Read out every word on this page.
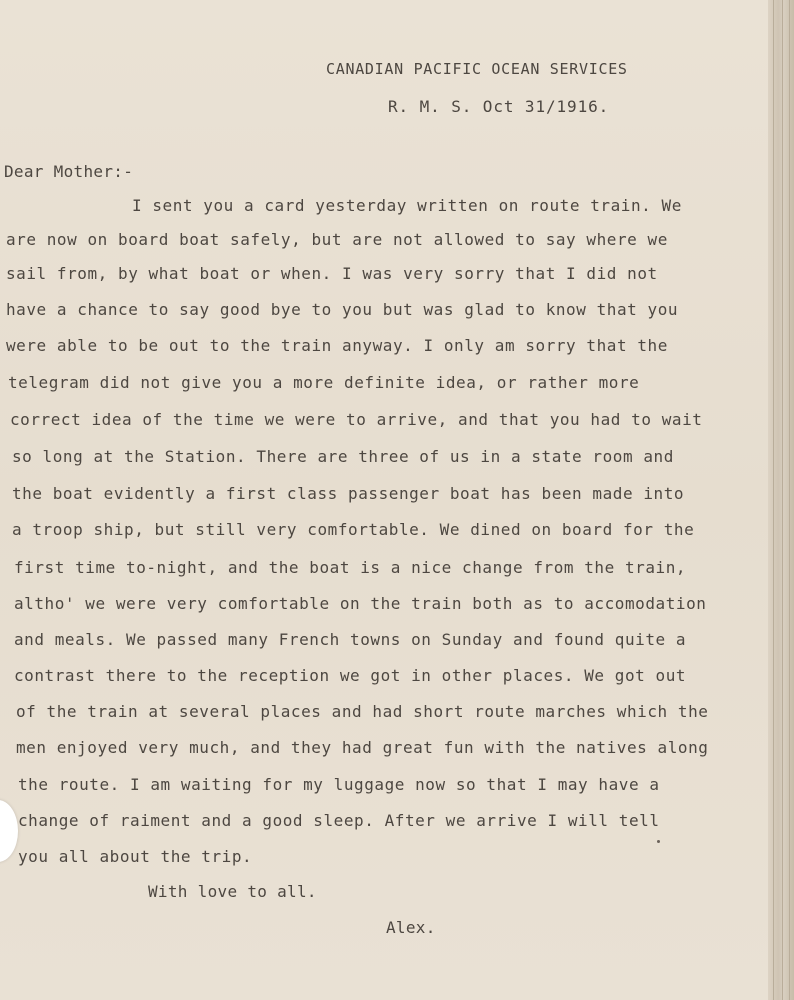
CANADIAN PACIFIC OCEAN SERVICES
R. M. S. Oct 31/1916.
Dear Mother:-
I sent you a card yesterday written on route train. We
are now on board boat safely, but are not allowed to say where we
sail from, by what boat or when. I was very sorry that I did not
have a chance to say good bye to you but was glad to know that you
were able to be out to the train anyway. I only am sorry that the
telegram did not give you a more definite idea, or rather more
correct idea of the time we were to arrive, and that you had to wait
so long at the Station. There are three of us in a state room and
the boat evidently a first class passenger boat has been made into
a troop ship, but still very comfortable. We dined on board for the
first time to-night, and the boat is a nice change from the train,
altho' we were very comfortable on the train both as to accomodation
and meals. We passed many French towns on Sunday and found quite a
contrast there to the reception we got in other places. We got out
of the train at several places and had short route marches which the
men enjoyed very much, and they had great fun with the natives along
the route. I am waiting for my luggage now so that I may have a
change of raiment and a good sleep. After we arrive I will tell
you all about the trip.
With love to all.
Alex.
